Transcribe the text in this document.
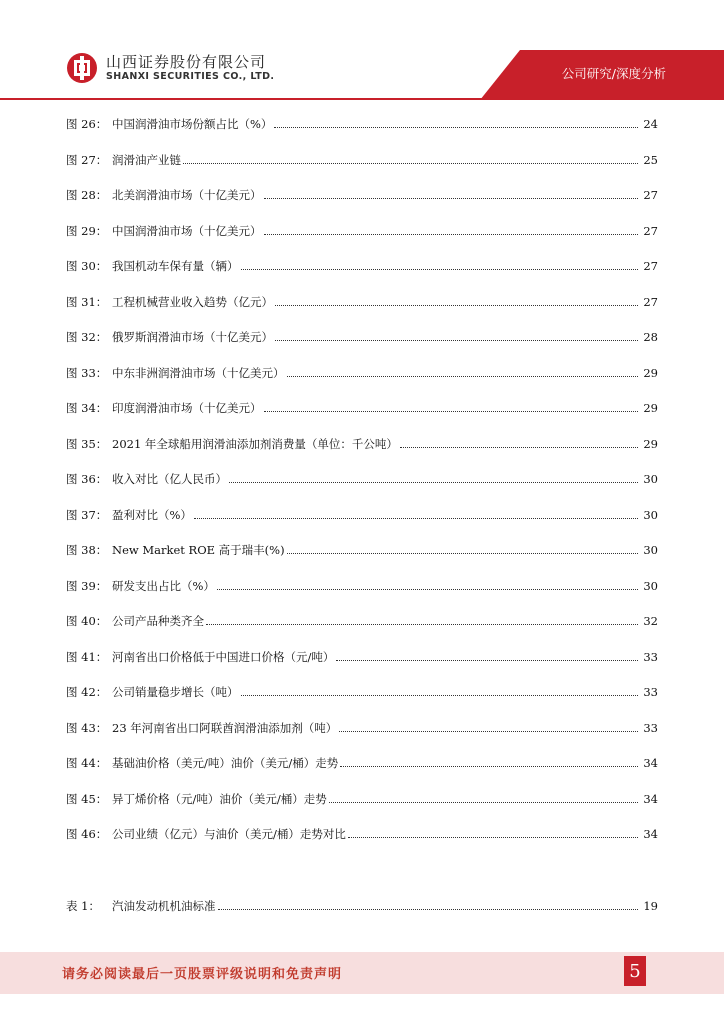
山西证券股份有限公司
SHANXI SECURITIES CO., LTD.	公司研究/深度分析
图 26： 中国润滑油市场份额占比（%）	24
图 27： 润滑油产业链	25
图 28： 北美润滑油市场（十亿美元）	27
图 29： 中国润滑油市场（十亿美元）	27
图 30： 我国机动车保有量（辆）	27
图 31： 工程机械营业收入趋势（亿元）	27
图 32： 俄罗斯润滑油市场（十亿美元）	28
图 33： 中东非洲润滑油市场（十亿美元）	29
图 34： 印度润滑油市场（十亿美元）	29
图 35： 2021 年全球船用润滑油添加剂消费量（单位：千公吨）	29
图 36： 收入对比（亿人民币）	30
图 37： 盈利对比（%）	30
图 38： New Market ROE 高于瑞丰(%)	30
图 39： 研发支出占比（%）	30
图 40： 公司产品种类齐全	32
图 41： 河南省出口价格低于中国进口价格（元/吨）	33
图 42： 公司销量稳步增长（吨）	33
图 43： 23 年河南省出口阿联酋润滑油添加剂（吨）	33
图 44： 基础油价格（美元/吨）油价（美元/桶）走势	34
图 45： 异丁烯价格（元/吨）油价（美元/桶）走势	34
图 46： 公司业绩（亿元）与油价（美元/桶）走势对比	34
表 1：	汽油发动机机油标准	19
请务必阅读最后一页股票评级说明和免责声明	5
